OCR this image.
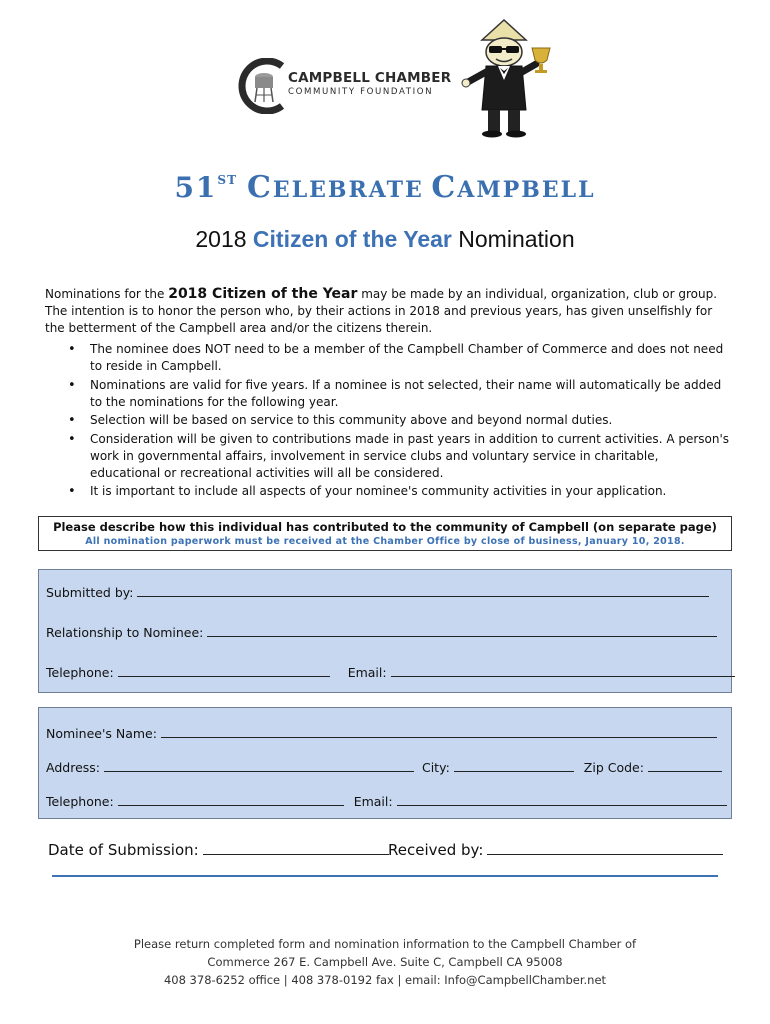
CAMPBELL CHAMBER
COMMUNITY FOUNDATION
51ST CELEBRATE CAMPBELL
2018 Citizen of the Year Nomination
Nominations for the 2018 Citizen of the Year may be made by an individual, organization, club or group. The intention is to honor the person who, by their actions in 2018 and previous years, has given unselfishly for the betterment of the Campbell area and/or the citizens therein.
• The nominee does NOT need to be a member of the Campbell Chamber of Commerce and does not need to reside in Campbell.
• Nominations are valid for five years. If a nominee is not selected, their name will automatically be added to the nominations for the following year.
• Selection will be based on service to this community above and beyond normal duties.
• Consideration will be given to contributions made in past years in addition to current activities. A person's work in governmental affairs, involvement in service clubs and voluntary service in charitable, educational or recreational activities will all be considered.
• It is important to include all aspects of your nominee's community activities in your application.
Please describe how this individual has contributed to the community of Campbell (on separate page)
All nomination paperwork must be received at the Chamber Office by close of business, January 10, 2018.
Submitted by:
Relationship to Nominee:
Telephone:	Email:
Nominee's Name:
Address:	City:	Zip Code:
Telephone:	Email:
Date of Submission:	Received by:
Please return completed form and nomination information to the Campbell Chamber of
Commerce 267 E. Campbell Ave. Suite C, Campbell CA 95008
408 378-6252 office | 408 378-0192 fax | email: Info@CampbellChamber.net
